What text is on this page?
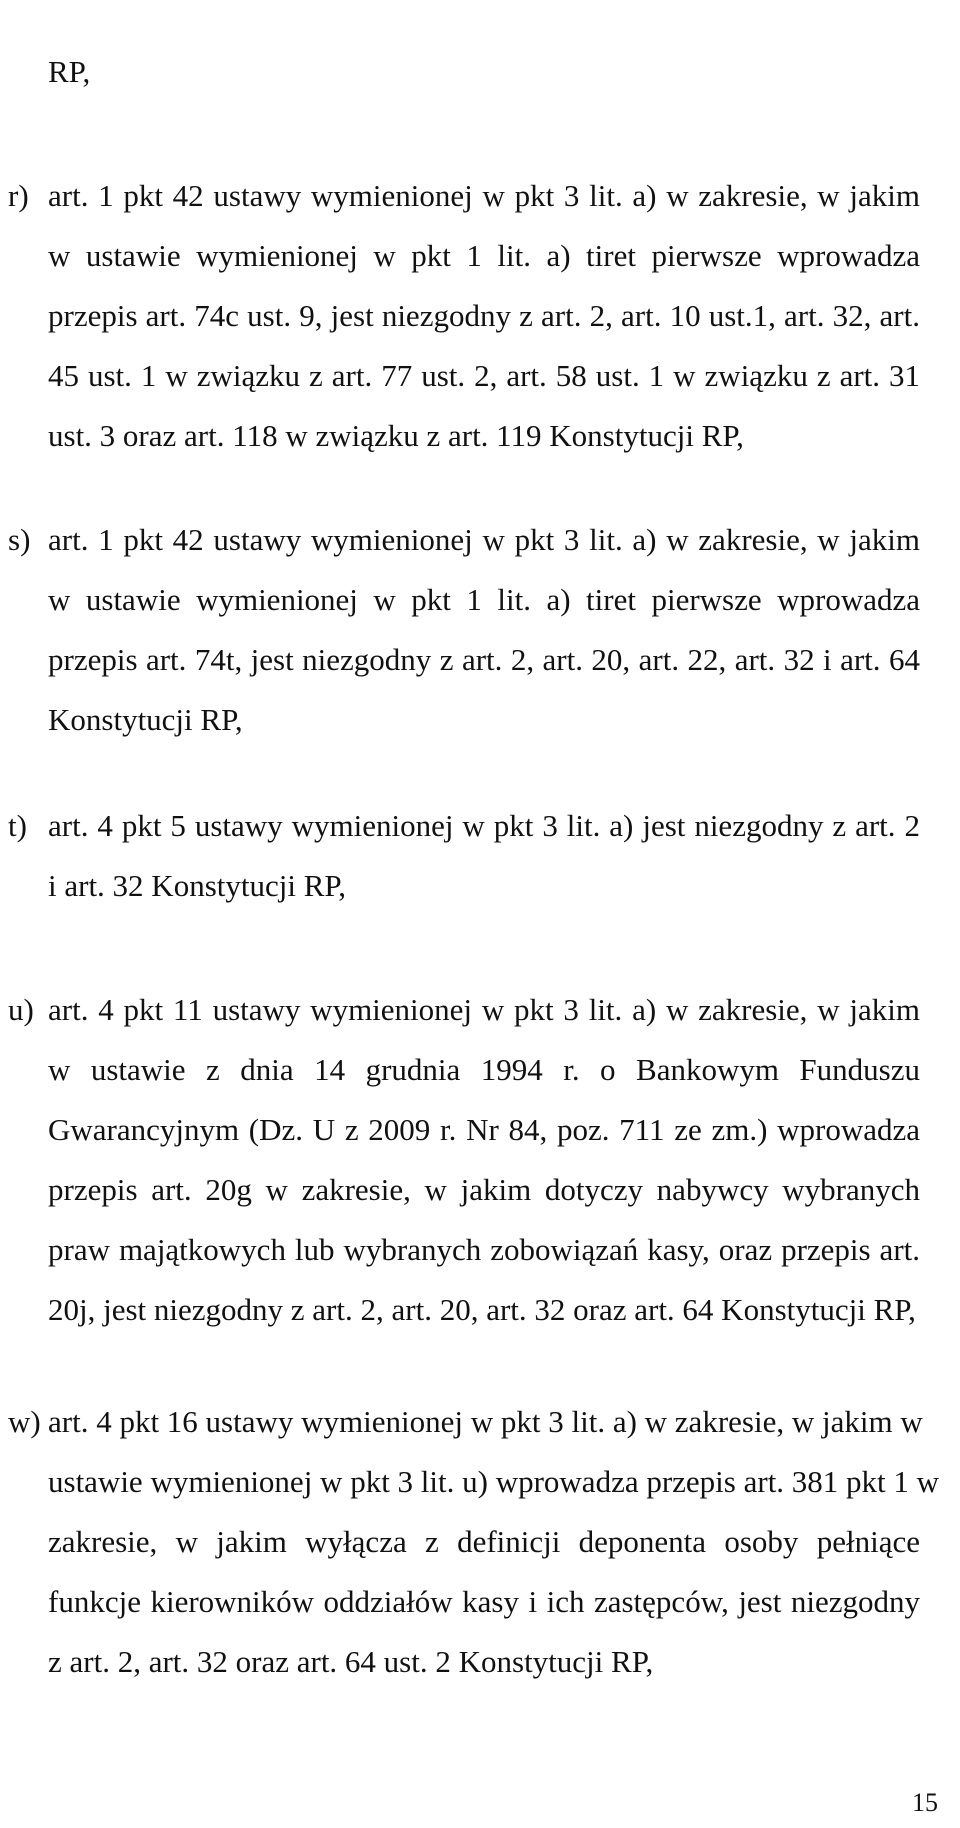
RP,

r) art. 1 pkt 42 ustawy wymienionej w pkt 3 lit. a) w zakresie, w jakim
w ustawie wymienionej w pkt 1 lit. a) tiret pierwsze wprowadza
przepis art. 74c ust. 9, jest niezgodny z art. 2, art. 10 ust.1, art. 32, art.
45 ust. 1 w związku z art. 77 ust. 2, art. 58 ust. 1 w związku z art. 31
ust. 3 oraz art. 118 w związku z art. 119 Konstytucji RP,
s) art. 1 pkt 42 ustawy wymienionej w pkt 3 lit. a) w zakresie, w jakim
w ustawie wymienionej w pkt 1 lit. a) tiret pierwsze wprowadza
przepis art. 74t, jest niezgodny z art. 2, art. 20, art. 22, art. 32 i art. 64
Konstytucji RP,
t) art. 4 pkt 5 ustawy wymienionej w pkt 3 lit. a) jest niezgodny z art. 2
i art. 32 Konstytucji RP,
u) art. 4 pkt 11 ustawy wymienionej w pkt 3 lit. a) w zakresie, w jakim
w ustawie z dnia 14 grudnia 1994 r. o Bankowym Funduszu
Gwarancyjnym (Dz. U z 2009 r. Nr 84, poz. 711 ze zm.) wprowadza
przepis art. 20g w zakresie, w jakim dotyczy nabywcy wybranych
praw majątkowych lub wybranych zobowiązań kasy, oraz przepis art.
20j, jest niezgodny z art. 2, art. 20, art. 32 oraz art. 64 Konstytucji RP,
w) art. 4 pkt 16 ustawy wymienionej w pkt 3 lit. a) w zakresie, w jakim w
ustawie wymienionej w pkt 3 lit. u) wprowadza przepis art. 381 pkt 1 w
zakresie, w jakim wyłącza z definicji deponenta osoby pełniące
funkcje kierowników oddziałów kasy i ich zastępców, jest niezgodny
z art. 2, art. 32 oraz art. 64 ust. 2 Konstytucji RP,
15
